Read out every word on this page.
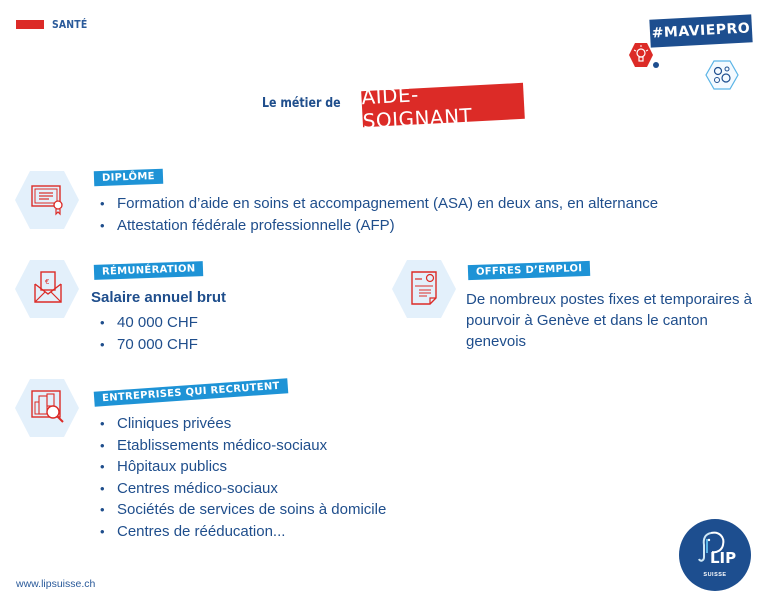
SANTÉ	#MAVIEPRO
Le métier de AIDE-SOIGNANT
DIPLÔME
• Formation d’aide en soins et accompagnement (ASA) en deux ans, en alternance
• Attestation fédérale professionnelle (AFP)
€
RÉMUNÉRATION
Salaire annuel brut
• 40 000 CHF
• 70 000 CHF
OFFRES D’EMPLOI
De nombreux postes fixes et temporaires à pourvoir à Genève et dans le canton genevois
ENTREPRISES QUI RECRUTENT
• Cliniques privées
• Etablissements médico-sociaux
• Hôpitaux publics
• Centres médico-sociaux
• Sociétés de services de soins à domicile
• Centres de rééducation...
www.lipsuisse.ch
LIP
SUISSE
